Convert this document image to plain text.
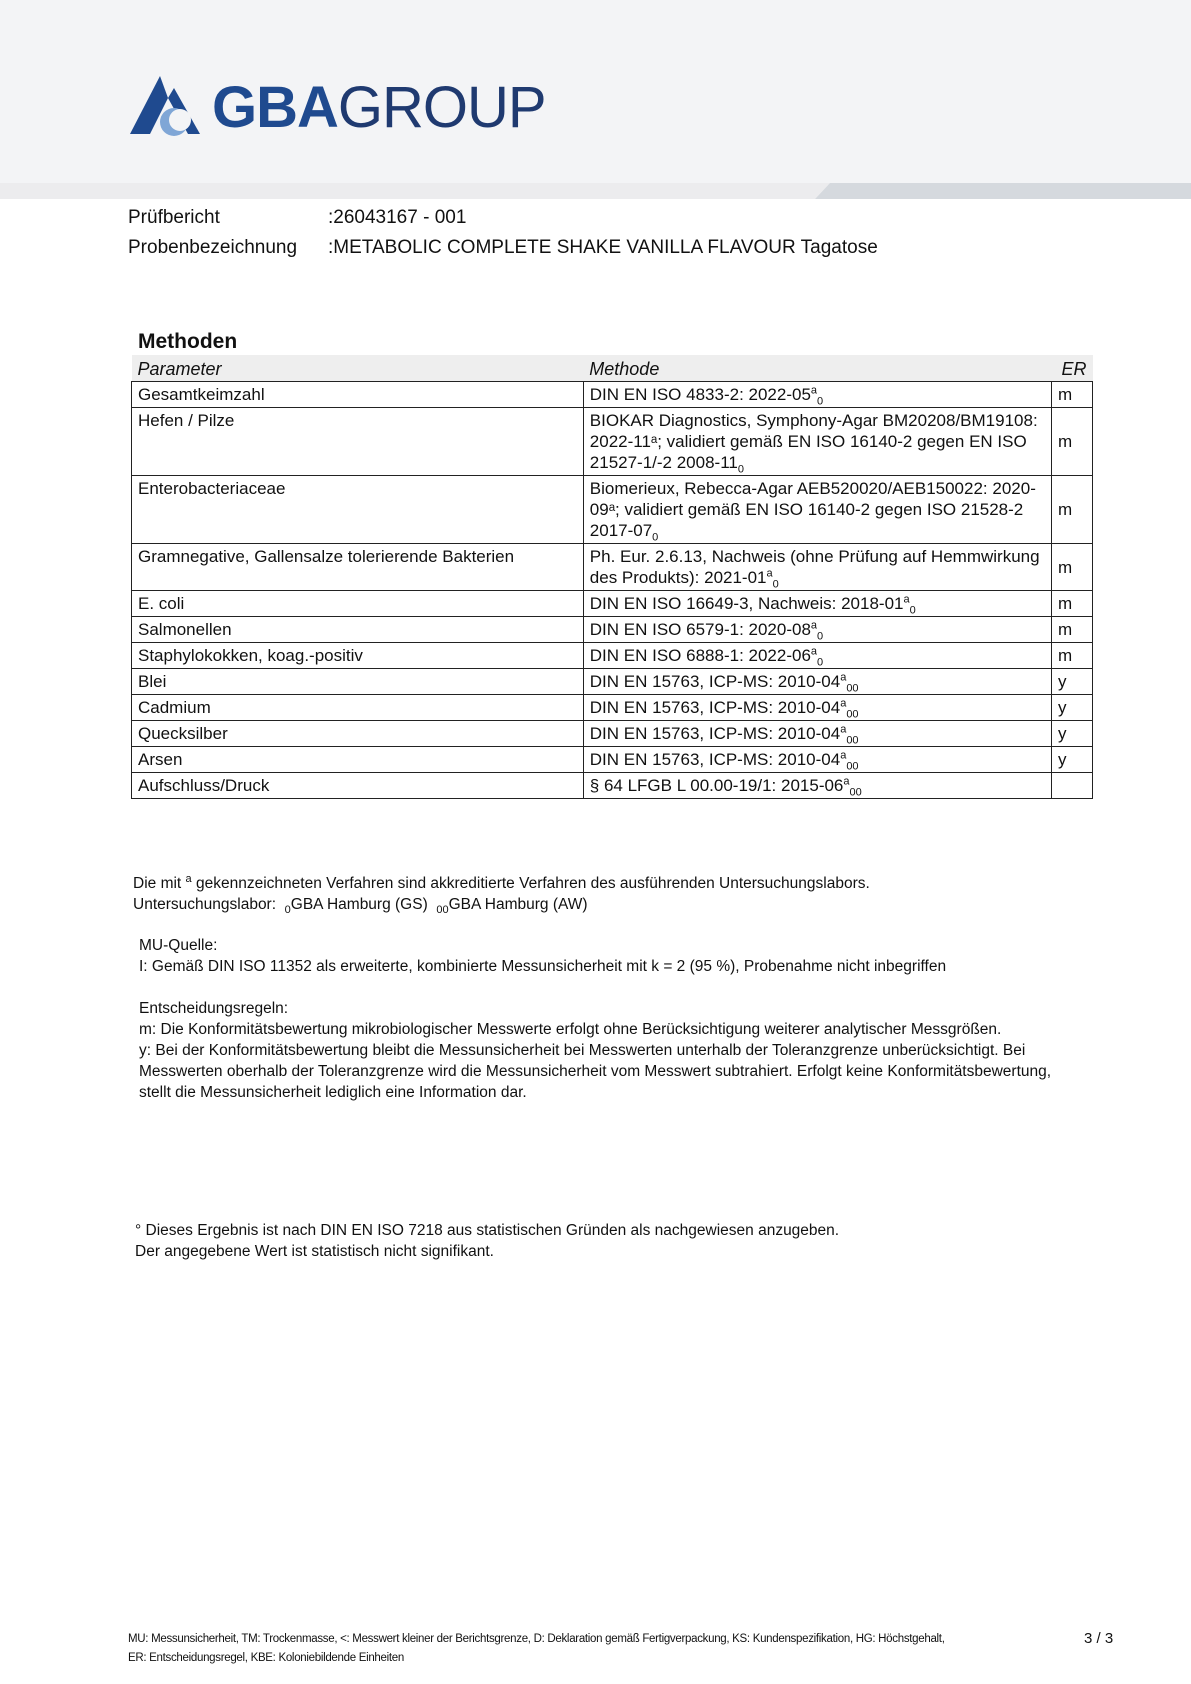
GBAGROUP
Prüfbericht	:26043167 - 001
Probenbezeichnung :METABOLIC COMPLETE SHAKE VANILLA FLAVOUR Tagatose
Methoden
Parameter	Methode	ER
Gesamtkeimzahl	DIN EN ISO 4833-2: $2022-05^a_0$	m
Hefen / Pilze	BIOKAR Diagnostics, Symphony-Agar BM20208/BM19108: 2022-11ᵃ; validiert gemäß EN ISO 16140-2 gegen EN ISO 21527-1/-2 $2008-11_0$	m
Enterobacteriaceae	Biomerieux, Rebecca-Agar AEB520020/AEB150022: 2020-09ᵃ; validiert gemäß EN ISO 16140-2 gegen ISO 21528-2 $2017-07_0$	m
Gramnegative, Gallensalze tolerierende Bakterien	Ph. Eur. 2.6.13, Nachweis (ohne Prüfung auf Hemmwirkung des Produkts): $2021-01^a_0$	m
E. coli	DIN EN ISO 16649-3, Nachweis: $2018-01^a_0$	m
Salmonellen	DIN EN ISO 6579-1: $2020-08^a_0$	m
Staphylokokken, koag.-positiv	DIN EN ISO 6888-1: $2022-06^a_0$	m
Blei	DIN EN 15763, ICP-MS: $2010-04^a_{00}$	y
Cadmium	DIN EN 15763, ICP-MS: $2010-04^a_{00}$	y
Quecksilber	DIN EN 15763, ICP-MS: $2010-04^a_{00}$	y
Arsen	DIN EN 15763, ICP-MS: $2010-04^a_{00}$	y
Aufschluss/Druck	§ 64 LFGB L 00.00-19/1: $2015-06^a_{00}$	
Die mit $^a$ gekennzeichneten Verfahren sind akkreditierte Verfahren des ausführenden Untersuchungslabors.
Untersuchungslabor: $_0$GBA Hamburg (GS) $_{00}$GBA Hamburg (AW)
MU-Quelle:
I: Gemäß DIN ISO 11352 als erweiterte, kombinierte Messunsicherheit mit k = 2 (95 %), Probenahme nicht inbegriffen
Entscheidungsregeln:
m: Die Konformitätsbewertung mikrobiologischer Messwerte erfolgt ohne Berücksichtigung weiterer analytischer Messgrößen.
y: Bei der Konformitätsbewertung bleibt die Messunsicherheit bei Messwerten unterhalb der Toleranzgrenze unberücksichtigt. Bei Messwerten oberhalb der Toleranzgrenze wird die Messunsicherheit vom Messwert subtrahiert. Erfolgt keine Konformitätsbewertung, stellt die Messunsicherheit lediglich eine Information dar.
° Dieses Ergebnis ist nach DIN EN ISO 7218 aus statistischen Gründen als nachgewiesen anzugeben.
Der angegebene Wert ist statistisch nicht signifikant.
MU: Messunsicherheit, TM: Trockenmasse, <: Messwert kleiner der Berichtsgrenze, D: Deklaration gemäß Fertigverpackung, KS: Kundenspezifikation, HG: Höchstgehalt,
ER: Entscheidungsregel, KBE: Koloniebildende Einheiten
3 / 3
